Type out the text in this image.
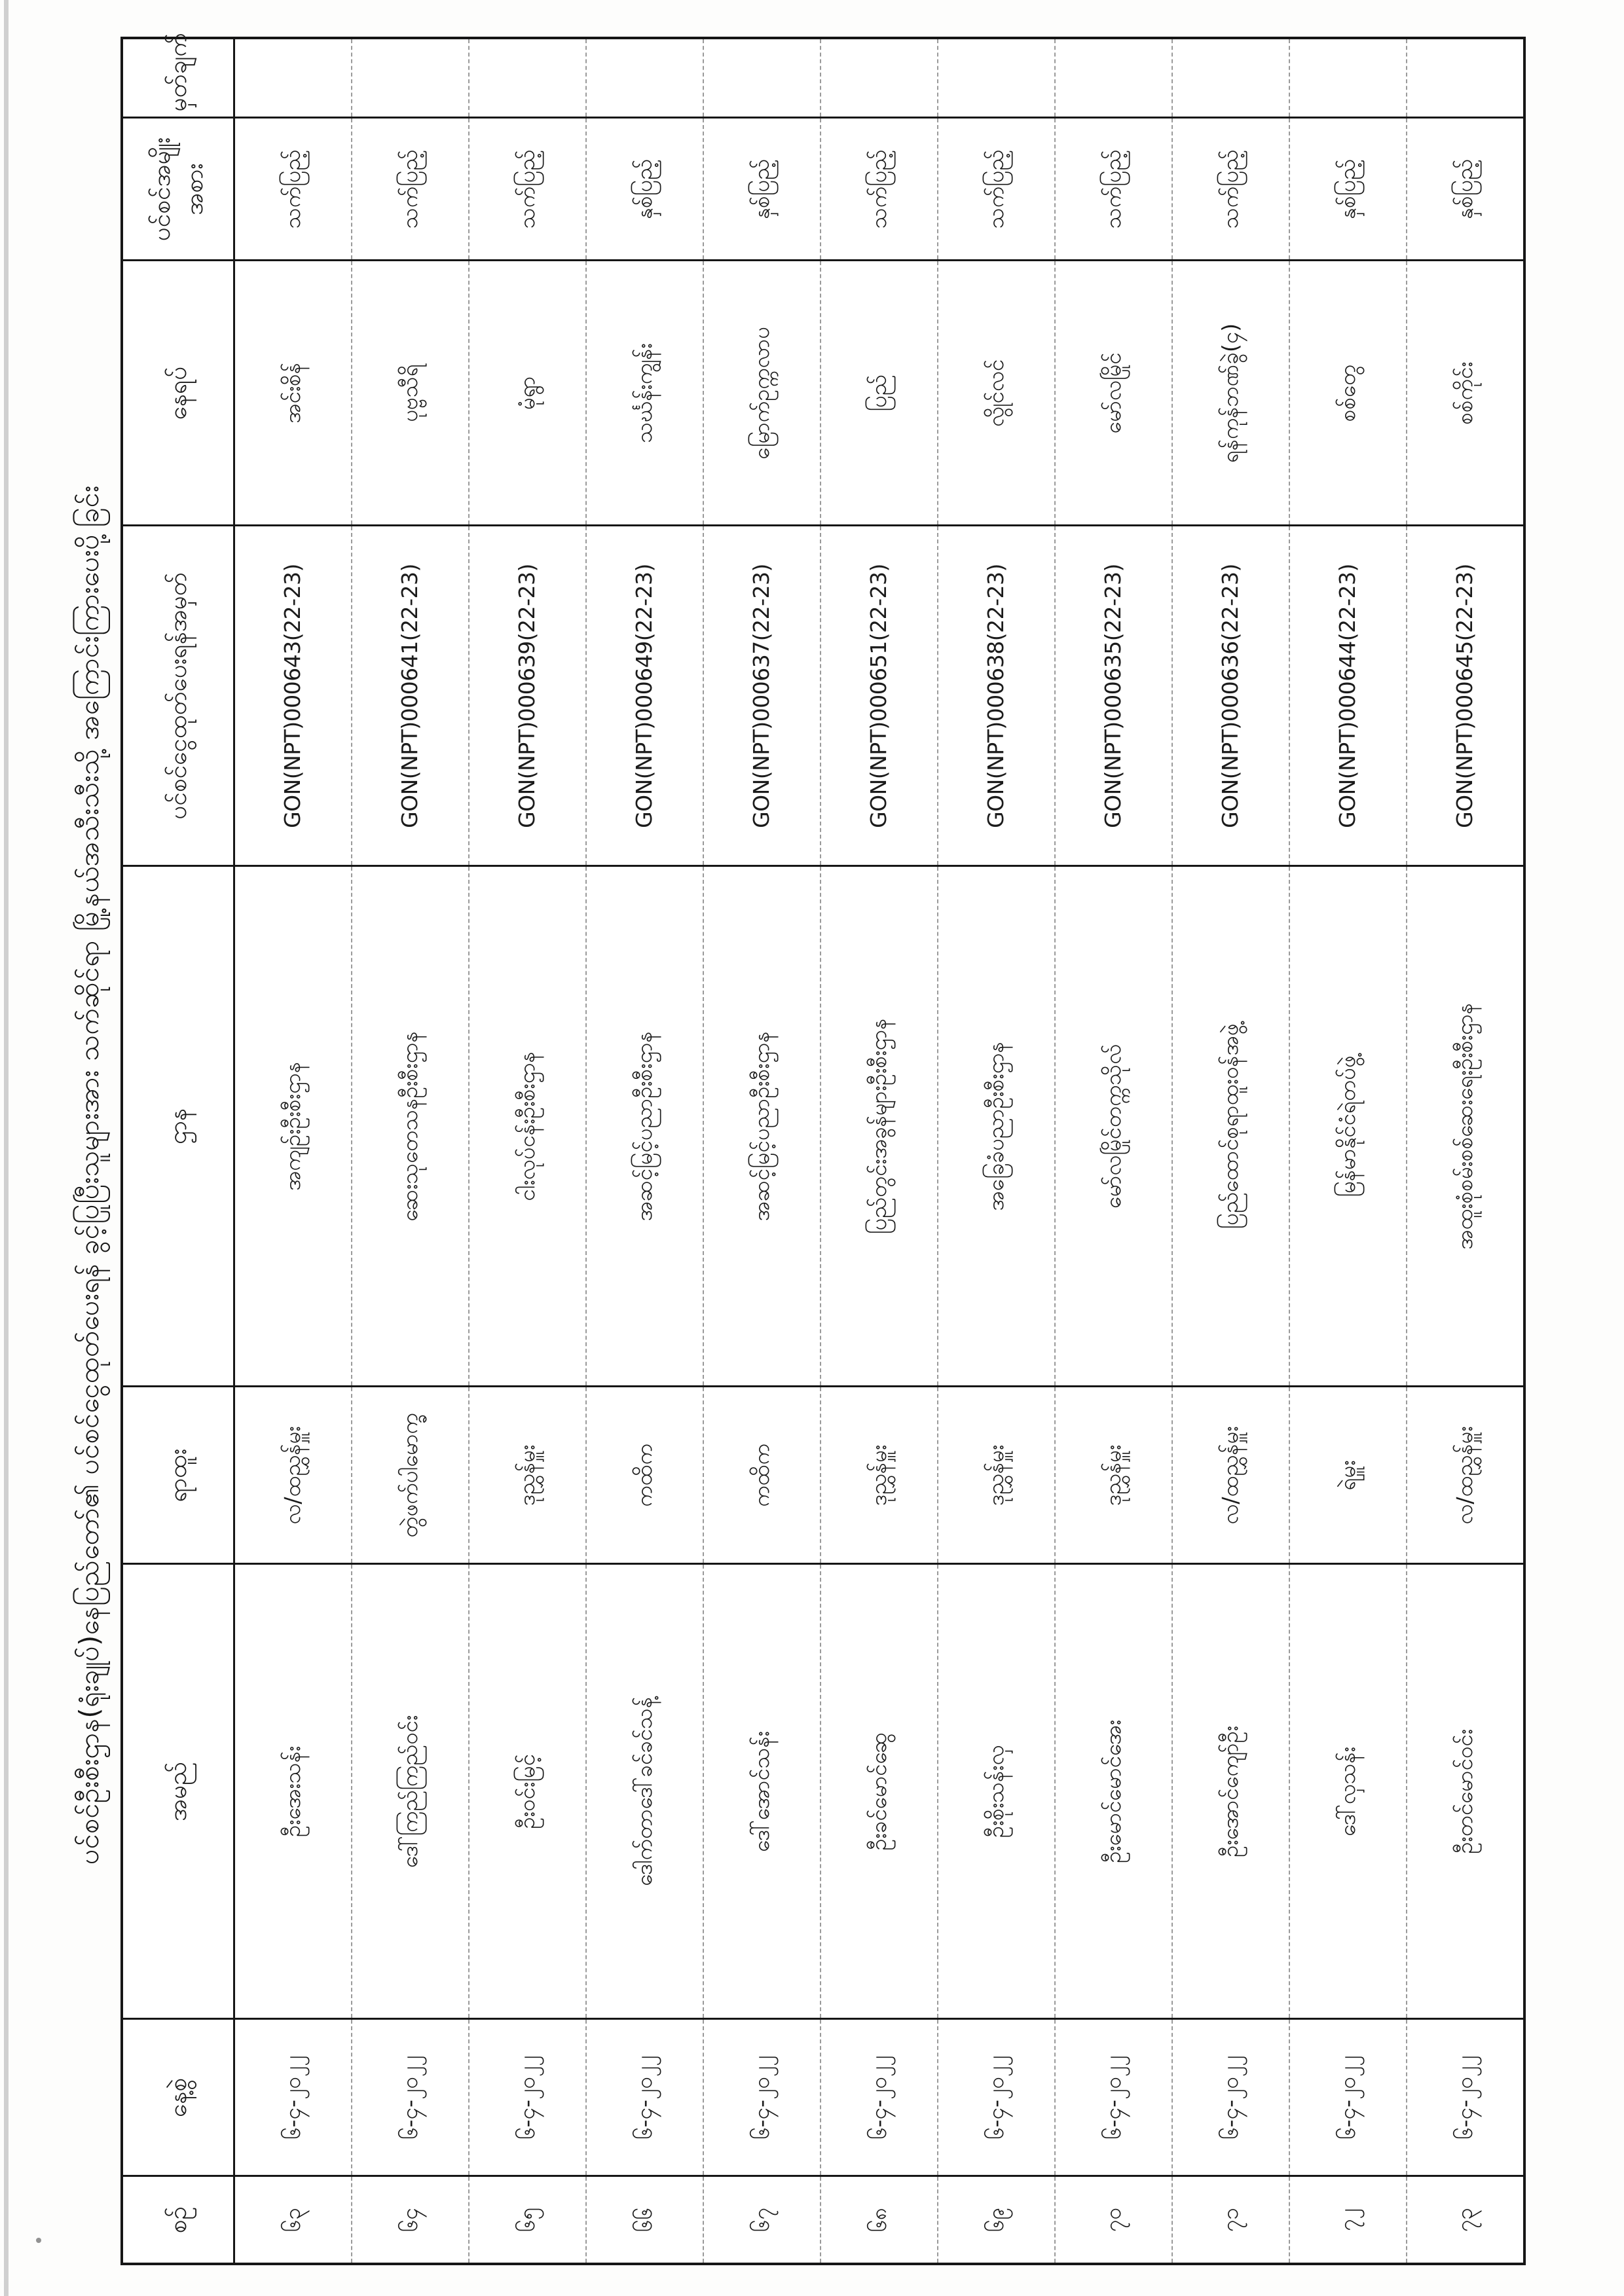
ပင်စင်ဦးစီးဌာန(ရုံးချုပ်)နေပြည်တော်၏ ပင်စင်ငွေထုတ်ပေးရန် ခွင့်ပြုပြီးသူများအား သက်ဆိုင်ရာ မြို့နယ်အသီးသီးသို့ အကြောင်းကြားပေးပို့ခြင်း
စဉ်	နေ့စွဲ	အမည်	ရာထူး	ဌာန	ပင်စင်ငွေထုတ်ပေးရန်အမှတ်	နေရပ်	ပင်စင်အမျိုးအစား	မှတ်ချက်
၆၃	၆-၄-၂၀၂၂	ဦးအေးသန်း	လ/ထညွှန်မှူး	အကျဉ်းဦးစီးဌာန	GON(NPT)000643(22-23)	အင်းစိန်	သက်ပြည့်	
၆၄	၆-၄-၂၀၂၂	ဒေါ်ကြည်ကြည်ဝင်း	တွဲဖက်ပါမောက္ခ	ဆေးသုတေသနဦးစီးဌာန	GON(NPT)000641(22-23)	ပုဗ္ဗသီရိ	သက်ပြည့်	
၆၅	၆-၄-၂၀၂၂	ဦးဝင်းမြင့်	ဒုညွှန်မှူး	ငါးလုပ်ငန်းဦးစီးဌာန	GON(NPT)000639(22-23)	မုံရွာ	သက်ပြည့်	
၆၆	၆-၄-၂၀၂၂	ဒေါက်တာဒေါ်ခင်ခင်သန့်	ကထိက	အဆင့်မြင့်ပညာဦးစီးဌာန	GON(NPT)000649(22-23)	သင်္ဃန်းကျွန်း	နှစ်ပြည့်	
၆၇	၆-၄-၂၀၂၂	ဒေါ်အောင်သန်း	ကထိက	အဆင့်မြင့်ပညာဦးစီးဌာန	GON(NPT)000637(22-23)	မြောက်ဥက္ကလာပ	နှစ်ပြည့်	
၆၈	၆-၄-၂၀၂၂	ဦးခင်မောင်ဆွေ	ဒုညွှန်မှူး	ပြည်တွင်းအခွန်များဦးစီးဌာန	GON(NPT)000651(22-23)	ပြည်	သက်ပြည့်	
၆၉	၆-၄-၂၀၂၂	ဦးစိုးသန်းလှ	ဒုညွှန်မှူး	အခြေခံပညာဦးစီးဌာန	GON(NPT)000638(22-23)	လွိုင်လင်	သက်ပြည့်	
၇၀	၆-၄-၂၀၂၂	ဦးမောင်မောင်အေး	ဒုညွှန်မှူး	မော်လမြိုင်တက္ကသိုလ်	GON(NPT)000635(22-23)	မော်လမြိုင်	သက်ပြည့်	
၇၁	၆-၄-၂၀၂၂	ဦးအောင်ကျော်ဦး	လ/ထညွှန်မှူး	ပြည်ထောင်စုရာထူးဝန်အဖွဲ့	GON(NPT)000636(22-23)	ရန်ကုန်ဘဏ်ခွဲ(၄)	သက်ပြည့်	
၇၂	၆-၄-၂၀၂၂	ဒေါ်လှသန်း	ရဲမှူး	မြန်မာနိုင်ငံရဲတပ်ဖွဲ့	GON(NPT)000644(22-23)	စစ်တွေ	နှစ်ပြည့်	
၇၃	၆-၄-၂၀၂၂	ဦးတင်မောင်ဝင်း	လ/ထညွှန်မှူး	အထူးစုံစမ်းစစ်ဆေးရေးဦးစီးဌာန	GON(NPT)000645(22-23)	စစ်ကိုင်း	နှစ်ပြည့်	
